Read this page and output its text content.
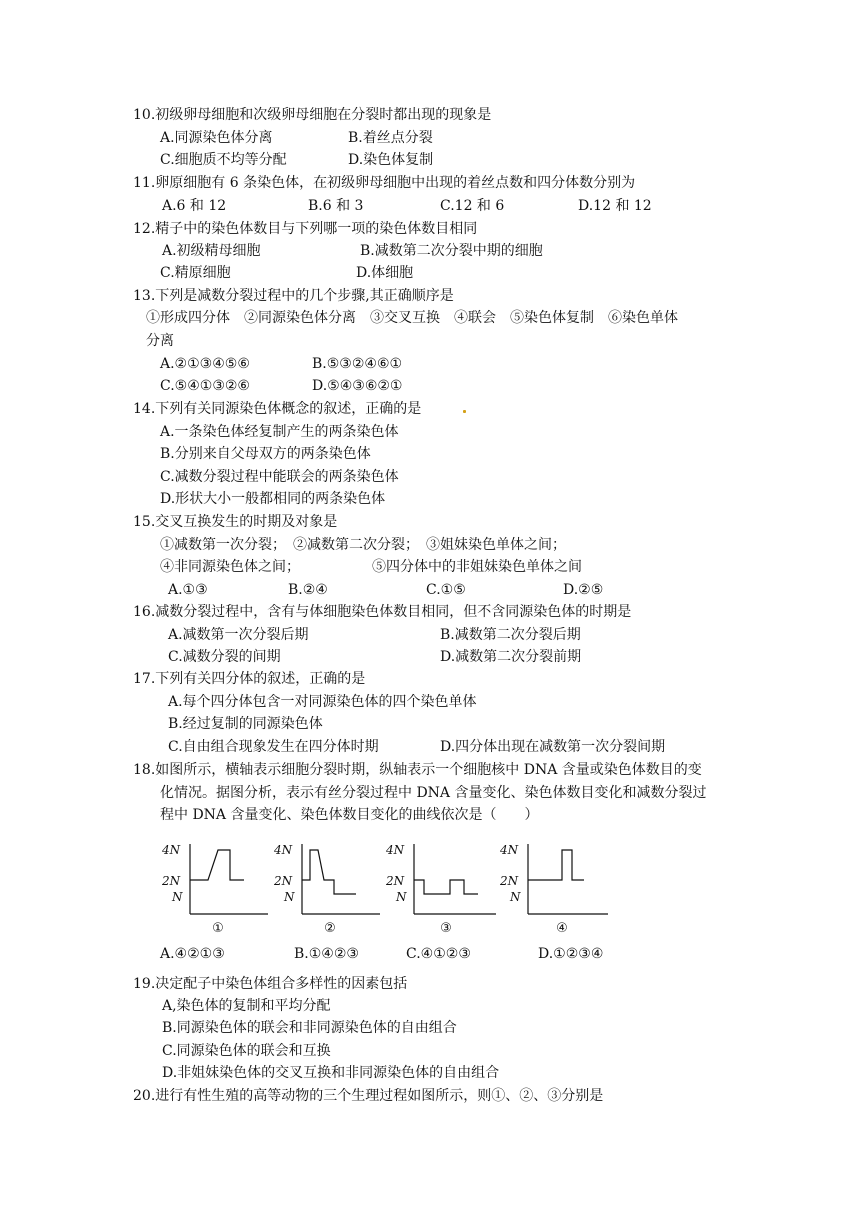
10.初级卵母细胞和次级卵母细胞在分裂时都出现的现象是
A.同源染色体分离	B.着丝点分裂
C.细胞质不均等分配	D.染色体复制
11.卵原细胞有 6 条染色体，在初级卵母细胞中出现的着丝点数和四分体数分别为
A.6 和 12	B.6 和 3	C.12 和 6	D.12 和 12
12.精子中的染色体数目与下列哪一项的染色体数目相同
A.初级精母细胞	B.减数第二次分裂中期的细胞
C.精原细胞	D.体细胞
13.下列是减数分裂过程中的几个步骤,其正确顺序是
①形成四分体　②同源染色体分离　③交叉互换　④联会　⑤染色体复制　⑥染色单体
分离
A.②①③④⑤⑥	B.⑤③②④⑥①
C.⑤④①③②⑥	D.⑤④③⑥②①
14.下列有关同源染色体概念的叙述，正确的是
A.一条染色体经复制产生的两条染色体
B.分别来自父母双方的两条染色体
C.减数分裂过程中能联会的两条染色体
D.形状大小一般都相同的两条染色体
15.交叉互换发生的时期及对象是
①减数第一次分裂；　②减数第二次分裂；　③姐妹染色单体之间；
④非同源染色体之间；	⑤四分体中的非姐妹染色单体之间
A.①③	B.②④	C.①⑤	D.②⑤
16.减数分裂过程中，含有与体细胞染色体数目相同，但不含同源染色体的时期是
A.减数第一次分裂后期	B.减数第二次分裂后期
C.减数分裂的间期	D.减数第二次分裂前期
17.下列有关四分体的叙述，正确的是
A.每个四分体包含一对同源染色体的四个染色单体
B.经过复制的同源染色体
C.自由组合现象发生在四分体时期	D.四分体出现在减数第一次分裂间期
18.如图所示，横轴表示细胞分裂时期，纵轴表示一个细胞核中 DNA 含量或染色体数目的变
化情况。据图分析，表示有丝分裂过程中 DNA 含量变化、染色体数目变化和减数分裂过
程中 DNA 含量变化、染色体数目变化的曲线依次是（　　）
4N
2N
N
①
4N
2N
N
②
4N
2N
N
③
4N
2N
N
④
A.④②①③	B.①④②③	C.④①②③	D.①②③④
19.决定配子中染色体组合多样性的因素包括
A,染色体的复制和平均分配
B.同源染色体的联会和非同源染色体的自由组合
C.同源染色体的联会和互换
D.非姐妹染色体的交叉互换和非同源染色体的自由组合
20.进行有性生殖的高等动物的三个生理过程如图所示，则①、②、③分别是
